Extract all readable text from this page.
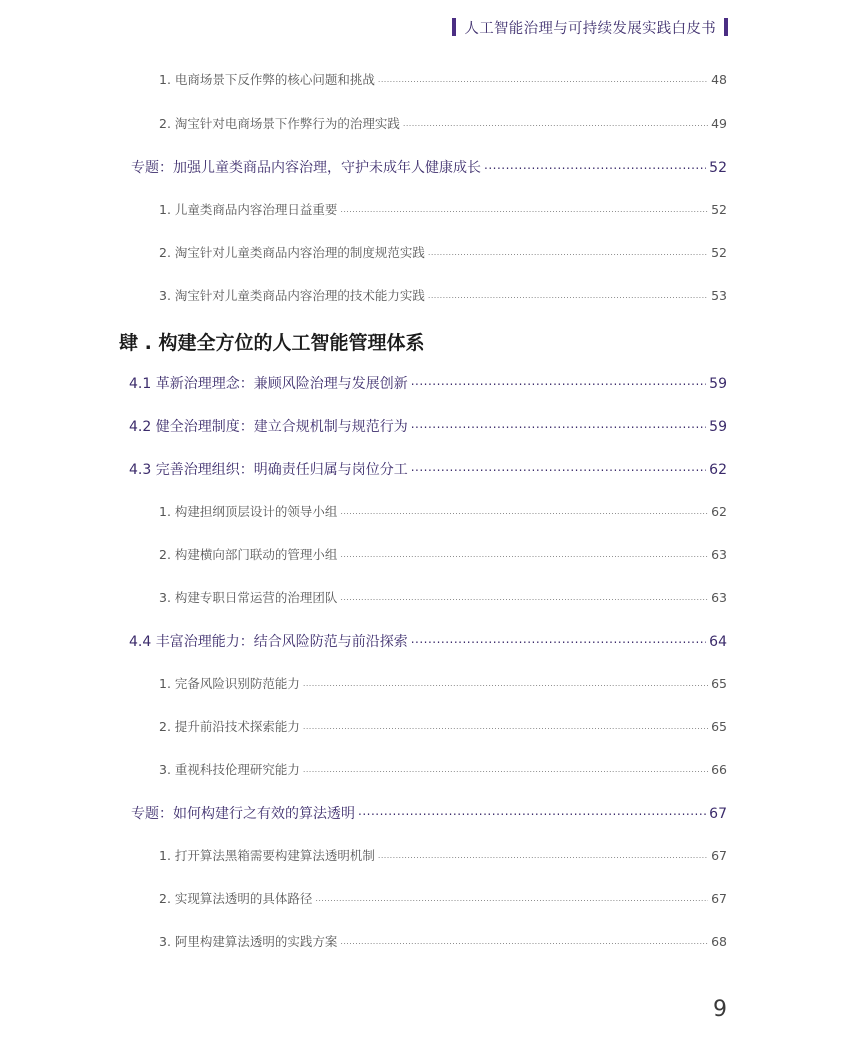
人工智能治理与可持续发展实践白皮书
1. 电商场景下反作弊的核心问题和挑战 .....	48
2. 淘宝针对电商场景下作弊行为的治理实践 .....	49
专题：加强儿童类商品内容治理，守护未成年人健康成长 .....	52
1. 儿童类商品内容治理日益重要 .....	52
2. 淘宝针对儿童类商品内容治理的制度规范实践 .....	52
3. 淘宝针对儿童类商品内容治理的技术能力实践 .....	53
肆 . 构建全方位的人工智能管理体系
4.1 革新治理理念：兼顾风险治理与发展创新 .....	59
4.2 健全治理制度：建立合规机制与规范行为 .....	59
4.3 完善治理组织：明确责任归属与岗位分工 .....	62
1. 构建担纲顶层设计的领导小组 .....	62
2. 构建横向部门联动的管理小组 .....	63
3. 构建专职日常运营的治理团队 .....	63
4.4 丰富治理能力：结合风险防范与前沿探索 .....	64
1. 完备风险识别防范能力 .....	65
2. 提升前沿技术探索能力 .....	65
3. 重视科技伦理研究能力 .....	66
专题：如何构建行之有效的算法透明 .....	67
1. 打开算法黑箱需要构建算法透明机制 .....	67
2. 实现算法透明的具体路径 .....	67
3. 阿里构建算法透明的实践方案 .....	68
9
